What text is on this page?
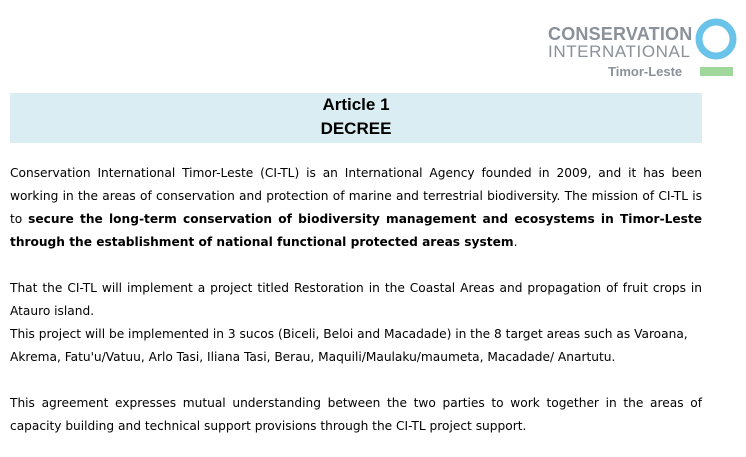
CONSERVATION
INTERNATIONAL
Timor-Leste
Article 1
DECREE

Conservation International Timor-Leste (CI-TL) is an International Agency founded in 2009, and it has been working in the areas of conservation and protection of marine and terrestrial biodiversity. The mission of CI-TL is to secure the long-term conservation of biodiversity management and ecosystems in Timor-Leste through the establishment of national functional protected areas system.

That the CI-TL will implement a project titled Restoration in the Coastal Areas and propagation of fruit crops in Atauro island.

This project will be implemented in 3 sucos (Biceli, Beloi and Macadade) in the 8 target areas such as Varoana, Akrema, Fatu'u/Vatuu, Arlo Tasi, Iliana Tasi, Berau, Maquili/Maulaku/maumeta, Macadade/ Anartutu.

This agreement expresses mutual understanding between the two parties to work together in the areas of capacity building and technical support provisions through the CI-TL project support.
